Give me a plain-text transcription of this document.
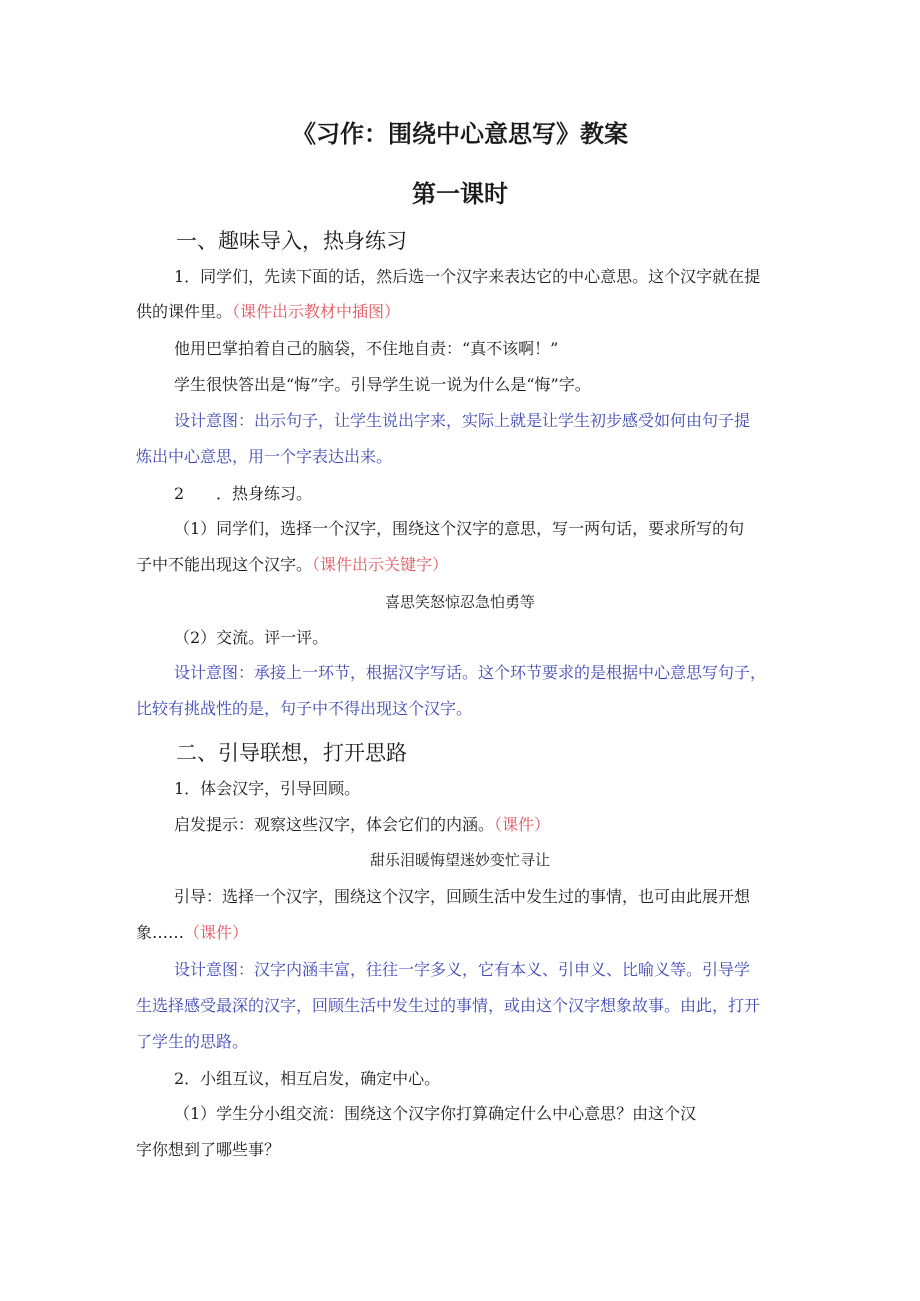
《习作：围绕中心意思写》教案
第一课时
一、趣味导入，热身练习
1．同学们，先读下面的话，然后选一个汉字来表达它的中心意思。这个汉字就在提
供的课件里。（课件出示教材中插图）
他用巴掌拍着自己的脑袋，不住地自责：“真不该啊！”
学生很快答出是“悔”字。引导学生说一说为什么是“悔”字。
设计意图：出示句子，让学生说出字来，实际上就是让学生初步感受如何由句子提
炼出中心意思，用一个字表达出来。
2 ．热身练习。
（1）同学们，选择一个汉字，围绕这个汉字的意思，写一两句话，要求所写的句
子中不能出现这个汉字。（课件出示关键字）
喜思笑怒惊忍急怕勇等
（2）交流。评一评。
设计意图：承接上一环节，根据汉字写话。这个环节要求的是根据中心意思写句子，
比较有挑战性的是，句子中不得出现这个汉字。
二、引导联想，打开思路
1．体会汉字，引导回顾。
启发提示：观察这些汉字，体会它们的内涵。（课件）
甜乐泪暖悔望迷妙变忙寻让
引导：选择一个汉字，围绕这个汉字，回顾生活中发生过的事情，也可由此展开想
象……（课件）
设计意图：汉字内涵丰富，往往一字多义，它有本义、引申义、比喻义等。引导学
生选择感受最深的汉字，回顾生活中发生过的事情，或由这个汉字想象故事。由此，打开
了学生的思路。
2．小组互议，相互启发，确定中心。
（1）学生分小组交流：围绕这个汉字你打算确定什么中心意思？由这个汉
字你想到了哪些事？
